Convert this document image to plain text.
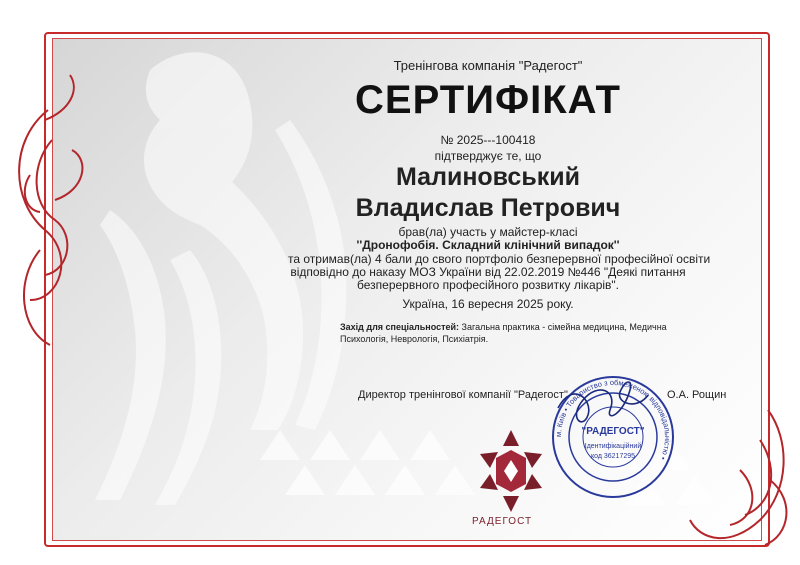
Тренінгова компанія "Радегост"
СЕРТИФІКАТ
№ 2025---100418
підтверджує те, що
Малиновський
Владислав Петрович
брав(ла) участь у майстер-класі
''Дронофобія. Складний клінічний випадок''
та отримав(ла) 4 бали до свого портфоліо безперервної професійної освіти
відповідно до наказу МОЗ України від 22.02.2019 №446 "Деякі питання
безперервного професійного розвитку лікарів".
Україна, 16 вересня 2025 року.
Захід для спеціальностей: Загальна практика - сімейна медицина, Медична Психологія, Неврологія, Психіатрія.
Директор тренінгової компанії "Радегост"	О.А. Рощин
РАДЕГОСТ
м. Київ • Товариство з обмеженою відповідальністю •
"РАДЕГОСТ"
Ідентифікаційний
код 36217295
